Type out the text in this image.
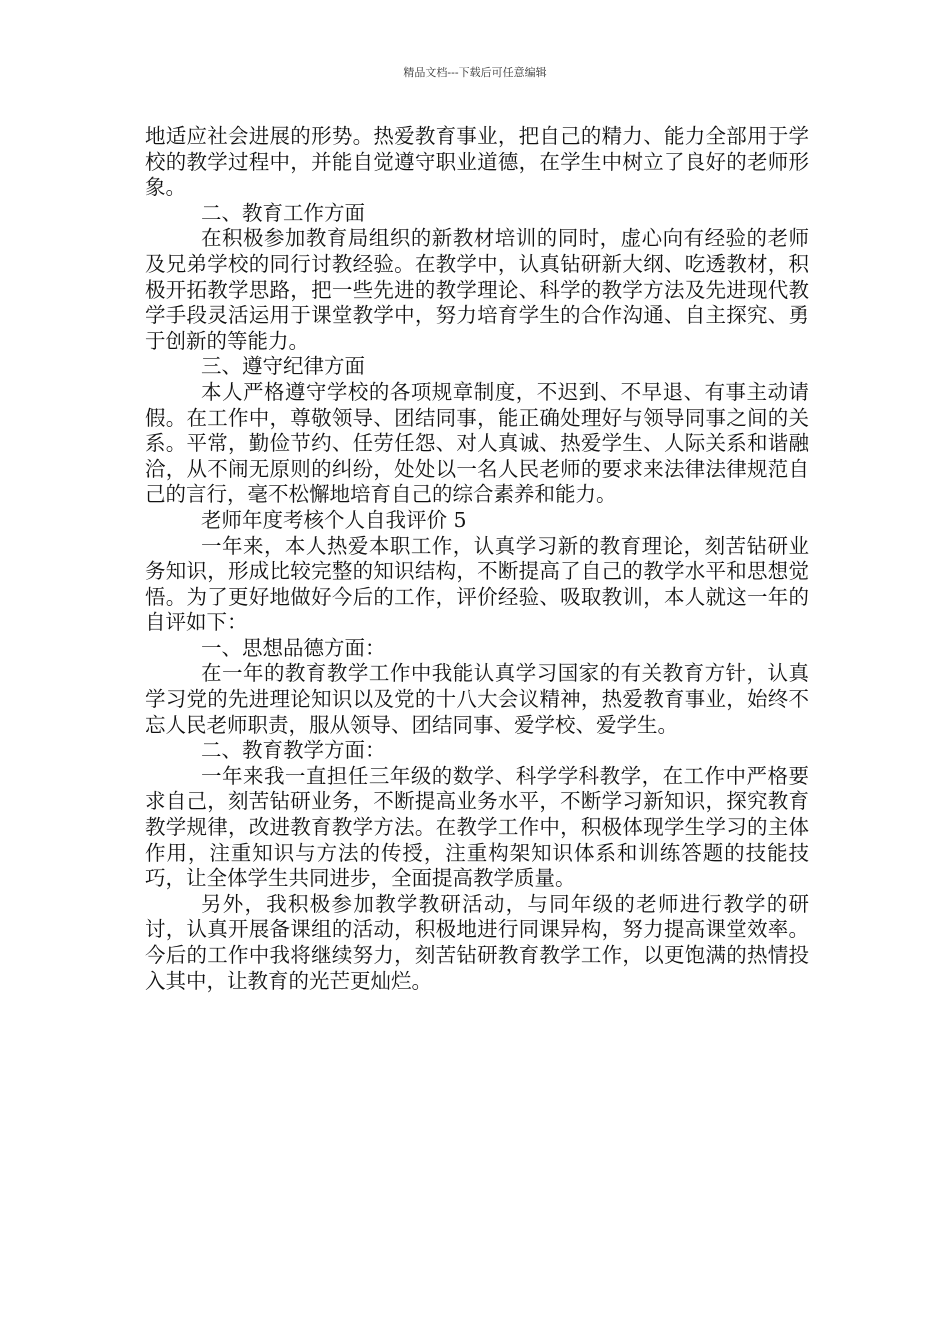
精品文档---下载后可任意编辑

地适应社会进展的形势。热爱教育事业，把自己的精力、能力全部用于学校的教学过程中，并能自觉遵守职业道德，在学生中树立了良好的老师形象。

二、教育工作方面

在积极参加教育局组织的新教材培训的同时，虚心向有经验的老师及兄弟学校的同行讨教经验。在教学中，认真钻研新大纲、吃透教材，积极开拓教学思路，把一些先进的教学理论、科学的教学方法及先进现代教学手段灵活运用于课堂教学中，努力培育学生的合作沟通、自主探究、勇于创新的等能力。

三、遵守纪律方面

本人严格遵守学校的各项规章制度，不迟到、不早退、有事主动请假。在工作中，尊敬领导、团结同事，能正确处理好与领导同事之间的关系。平常，勤俭节约、任劳任怨、对人真诚、热爱学生、人际关系和谐融洽，从不闹无原则的纠纷，处处以一名人民老师的要求来法律法律规范自己的言行，毫不松懈地培育自己的综合素养和能力。

老师年度考核个人自我评价 5

一年来，本人热爱本职工作，认真学习新的教育理论，刻苦钻研业务知识，形成比较完整的知识结构，不断提高了自己的教学水平和思想觉悟。为了更好地做好今后的工作，评价经验、吸取教训，本人就这一年的自评如下：

一、思想品德方面：

在一年的教育教学工作中我能认真学习国家的有关教育方针，认真学习党的先进理论知识以及党的十八大会议精神，热爱教育事业，始终不忘人民老师职责，服从领导、团结同事、爱学校、爱学生。

二、教育教学方面：

一年来我一直担任三年级的数学、科学学科教学，在工作中严格要求自己，刻苦钻研业务，不断提高业务水平，不断学习新知识，探究教育教学规律，改进教育教学方法。在教学工作中，积极体现学生学习的主体作用，注重知识与方法的传授，注重构架知识体系和训练答题的技能技巧，让全体学生共同进步，全面提高教学质量。

另外，我积极参加教学教研活动，与同年级的老师进行教学的研讨，认真开展备课组的活动，积极地进行同课异构，努力提高课堂效率。今后的工作中我将继续努力，刻苦钻研教育教学工作，以更饱满的热情投入其中，让教育的光芒更灿烂。
